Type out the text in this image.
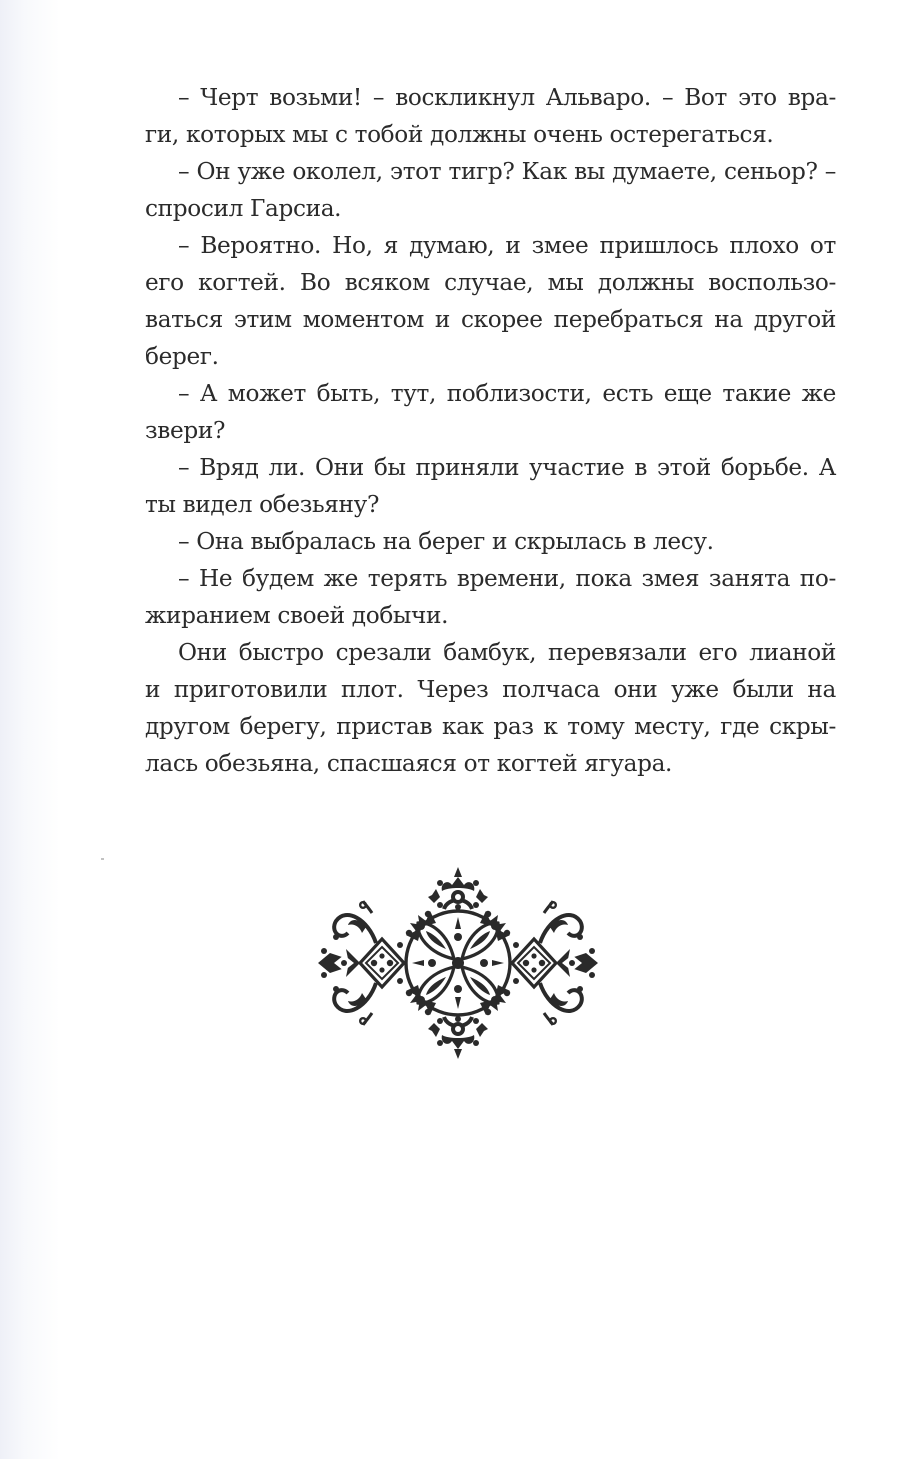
– Черт возьми! – воскликнул Альваро. – Вот это вра-
ги, которых мы с тобой должны очень остерегаться.
– Он уже околел, этот тигр? Как вы думаете, сеньор? –
спросил Гарсиа.
– Вероятно. Но, я думаю, и змее пришлось плохо от
его когтей. Во всяком случае, мы должны воспользо-
ваться этим моментом и скорее перебраться на другой
берег.
– А может быть, тут, поблизости, есть еще такие же
звери?
– Вряд ли. Они бы приняли участие в этой борьбе. А
ты видел обезьяну?
– Она выбралась на берег и скрылась в лесу.
– Не будем же терять времени, пока змея занята по-
жиранием своей добычи.
Они быстро срезали бамбук, перевязали его лианой
и приготовили плот. Через полчаса они уже были на
другом берегу, пристав как раз к тому месту, где скры-
лась обезьяна, спасшаяся от когтей ягуара.
